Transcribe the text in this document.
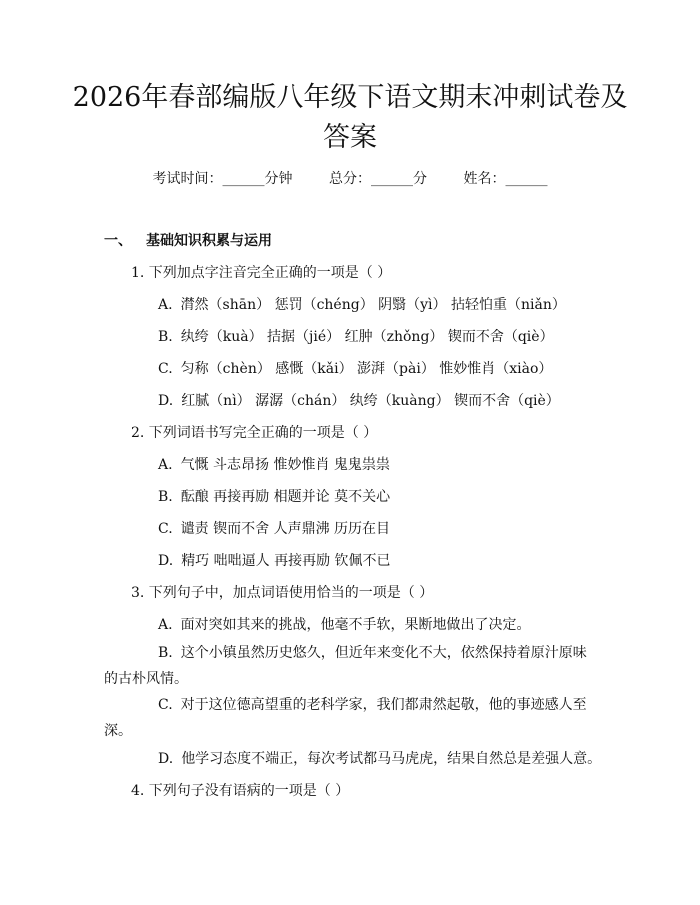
2026年春部编版八年级下语文期末冲刺试卷及答案
考试时间：______分钟	总分：______分	姓名：______
一、 基础知识积累与运用
1. 下列加点字注音完全正确的一项是（ ）
A. 潸然（shān） 惩罚（chéng） 阴翳（yì） 拈轻怕重（niǎn）
B. 纨绔（kuà） 拮据（jié） 红肿（zhǒng） 锲而不舍（qiè）
C. 匀称（chèn） 感慨（kǎi） 澎湃（pài） 惟妙惟肖（xiào）
D. 红腻（nì） 潺潺（chán） 纨绔（kuàng） 锲而不舍（qiè）
2. 下列词语书写完全正确的一项是（ ）
A. 气慨 斗志昂扬 惟妙惟肖 鬼鬼祟祟
B. 酝酿 再接再励 相题并论 莫不关心
C. 谴责 锲而不舍 人声鼎沸 历历在目
D. 精巧 咄咄逼人 再接再励 钦佩不已
3. 下列句子中，加点词语使用恰当的一项是（ ）
A. 面对突如其来的挑战，他毫不手软，果断地做出了决定。
B. 这个小镇虽然历史悠久，但近年来变化不大，依然保持着原汁原味的古朴风情。
C. 对于这位德高望重的老科学家，我们都肃然起敬，他的事迹感人至深。
D. 他学习态度不端正，每次考试都马马虎虎，结果自然总是差强人意。
4. 下列句子没有语病的一项是（ ）
